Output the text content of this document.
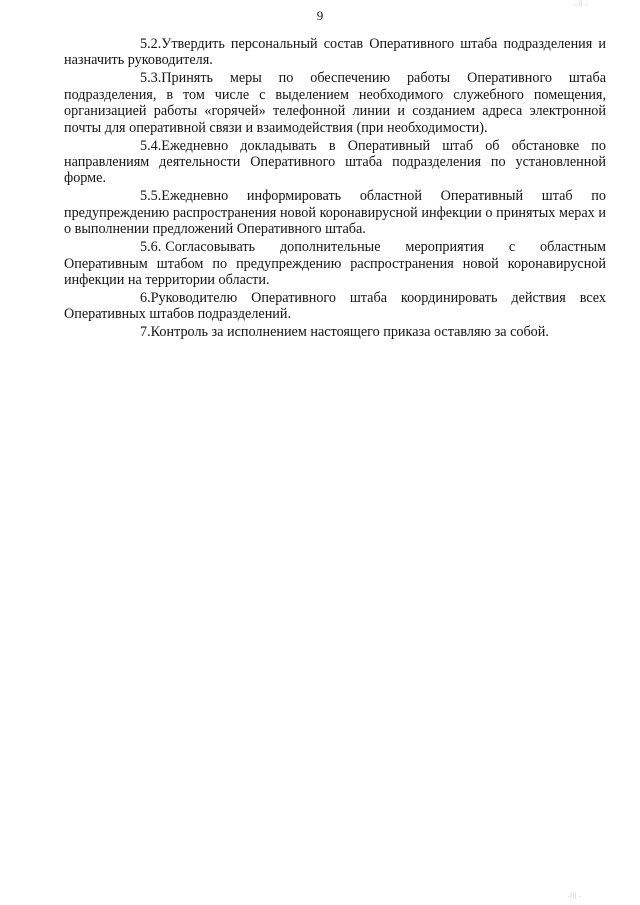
..|| .
9

5.2.Утвердить персональный состав Оперативного штаба подразделения и назначить руководителя.

5.3.Принять меры по обеспечению работы Оперативного штаба подразделения, в том числе с выделением необходимого служебного помещения, организацией работы «горячей» телефонной линии и созданием адреса электронной почты для оперативной связи и взаимодействия (при необходимости).

5.4.Ежедневно докладывать в Оперативный штаб об обстановке по направлениям деятельности Оперативного штаба подразделения по установленной форме.

5.5.Ежедневно информировать областной Оперативный штаб по предупреждению распространения новой коронавирусной инфекции о принятых мерах и о выполнении предложений Оперативного штаба.

5.6. Согласовывать дополнительные мероприятия с областным Оперативным штабом по предупреждению распространения новой коронавирусной инфекции на территории области.

6.Руководителю Оперативного штаба координировать действия всех Оперативных штабов подразделений.

7.Контроль за исполнением настоящего приказа оставляю за собой.

.||| .
